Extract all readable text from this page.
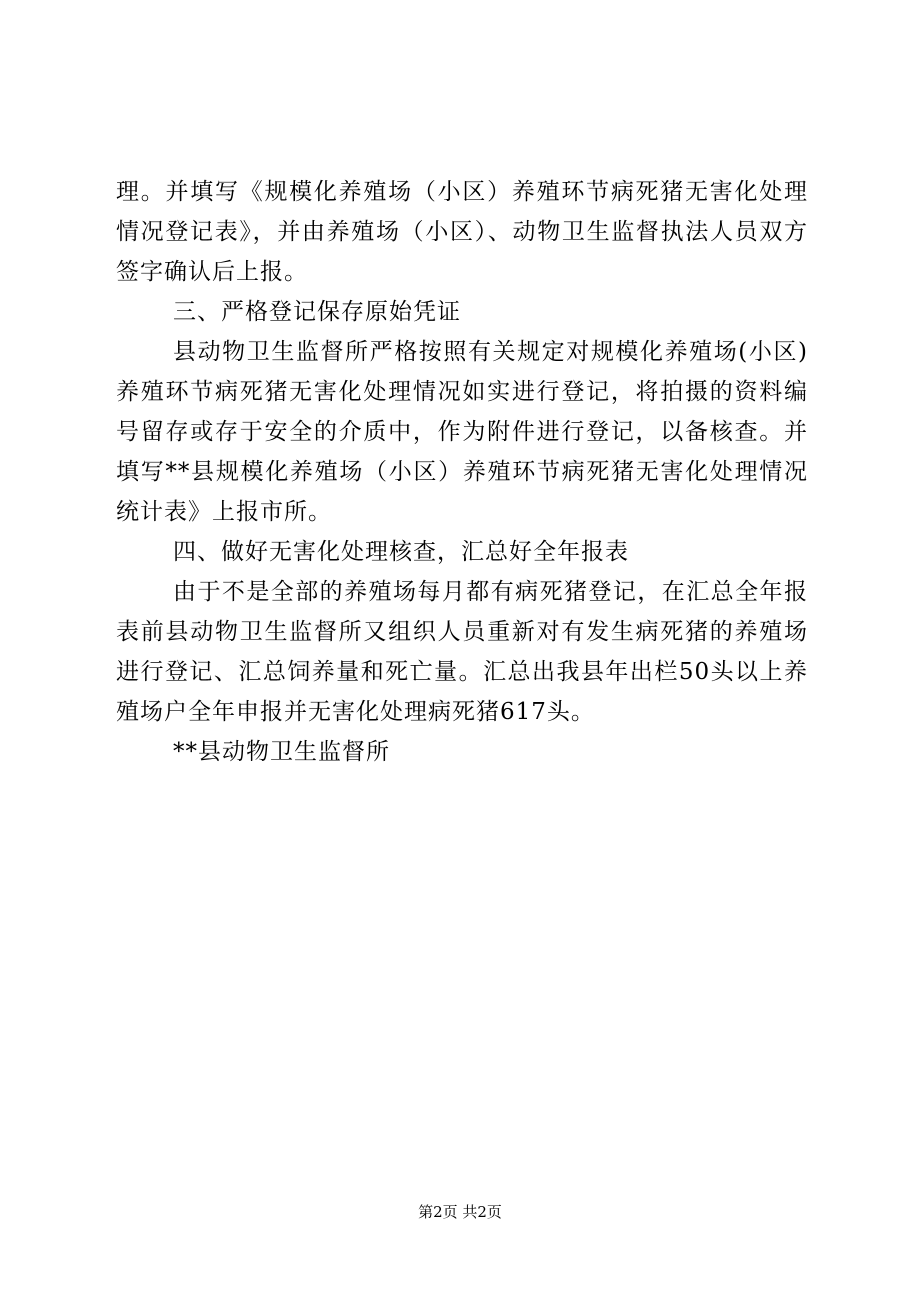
理。并填写《规模化养殖场（小区）养殖环节病死猪无害化处理情况登记表》，并由养殖场（小区）、动物卫生监督执法人员双方签字确认后上报。

三、严格登记保存原始凭证

县动物卫生监督所严格按照有关规定对规模化养殖场(小区)养殖环节病死猪无害化处理情况如实进行登记，将拍摄的资料编号留存或存于安全的介质中，作为附件进行登记，以备核查。并填写**县规模化养殖场（小区）养殖环节病死猪无害化处理情况统计表》上报市所。

四、做好无害化处理核查，汇总好全年报表

由于不是全部的养殖场每月都有病死猪登记，在汇总全年报表前县动物卫生监督所又组织人员重新对有发生病死猪的养殖场进行登记、汇总饲养量和死亡量。汇总出我县年出栏50头以上养殖场户全年申报并无害化处理病死猪617头。

**县动物卫生监督所

第2页 共2页
